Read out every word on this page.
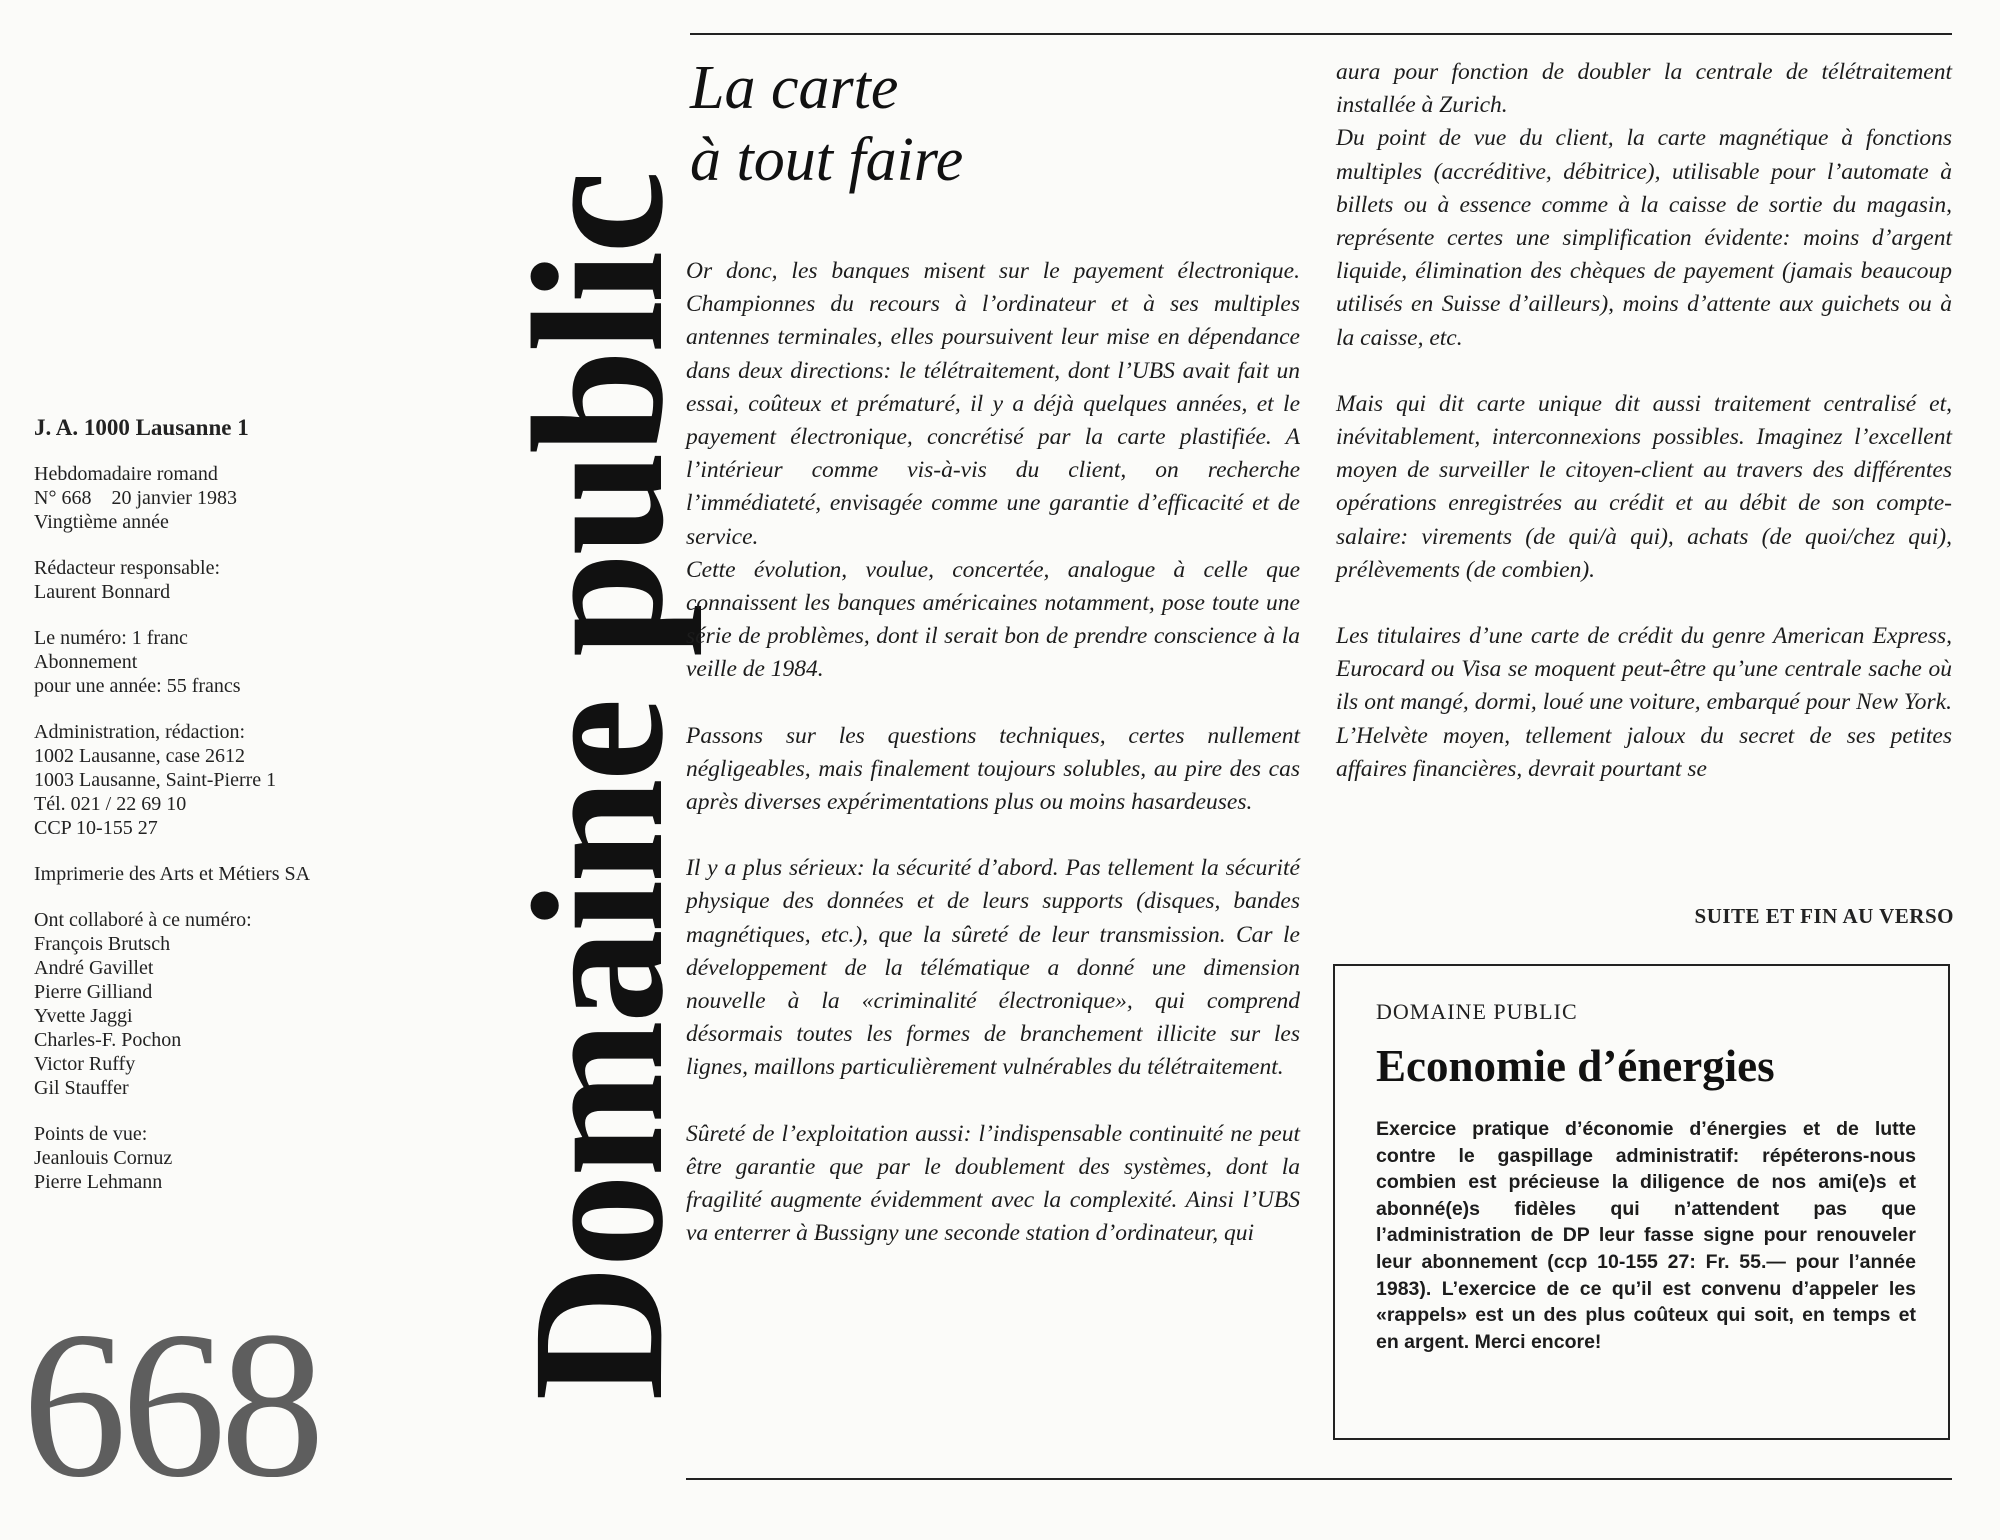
J. A. 1000 Lausanne 1
Hebdomadaire romand
N° 668    20 janvier 1983
Vingtième année
Rédacteur responsable:
Laurent Bonnard
Le numéro: 1 franc
Abonnement
pour une année: 55 francs
Administration, rédaction:
1002 Lausanne, case 2612
1003 Lausanne, Saint-Pierre 1
Tél. 021 / 22 69 10
CCP 10-155 27
Imprimerie des Arts et Métiers SA
Ont collaboré à ce numéro:
François Brutsch
André Gavillet
Pierre Gilliand
Yvette Jaggi
Charles-F. Pochon
Victor Ruffy
Gil Stauffer
Points de vue:
Jeanlouis Cornuz
Pierre Lehmann
668
Domaine public
La carte
à tout faire

Or donc, les banques misent sur le payement électronique. Championnes du recours à l’ordinateur et à ses multiples antennes terminales, elles poursuivent leur mise en dépendance dans deux directions: le télétraitement, dont l’UBS avait fait un essai, coûteux et prématuré, il y a déjà quelques années, et le payement électronique, concrétisé par la carte plastifiée. A l’intérieur comme vis-à-vis du client, on recherche l’immédiateté, envisagée comme une garantie d’efficacité et de service.

Cette évolution, voulue, concertée, analogue à celle que connaissent les banques américaines notamment, pose toute une série de problèmes, dont il serait bon de prendre conscience à la veille de 1984.

Passons sur les questions techniques, certes nullement négligeables, mais finalement toujours solubles, au pire des cas après diverses expérimentations plus ou moins hasardeuses.

Il y a plus sérieux: la sécurité d’abord. Pas tellement la sécurité physique des données et de leurs supports (disques, bandes magnétiques, etc.), que la sûreté de leur transmission. Car le développement de la télématique a donné une dimension nouvelle à la «criminalité électronique», qui comprend désormais toutes les formes de branchement illicite sur les lignes, maillons particulièrement vulnérables du télétraitement.

Sûreté de l’exploitation aussi: l’indispensable continuité ne peut être garantie que par le doublement des systèmes, dont la fragilité augmente évidemment avec la complexité. Ainsi l’UBS va enterrer à Bussigny une seconde station d’ordinateur, qui

aura pour fonction de doubler la centrale de télétraitement installée à Zurich.

Du point de vue du client, la carte magnétique à fonctions multiples (accréditive, débitrice), utilisable pour l’automate à billets ou à essence comme à la caisse de sortie du magasin, représente certes une simplification évidente: moins d’argent liquide, élimination des chèques de payement (jamais beaucoup utilisés en Suisse d’ailleurs), moins d’attente aux guichets ou à la caisse, etc.

Mais qui dit carte unique dit aussi traitement centralisé et, inévitablement, interconnexions possibles. Imaginez l’excellent moyen de surveiller le citoyen-client au travers des différentes opérations enregistrées au crédit et au débit de son compte-salaire: virements (de qui/à qui), achats (de quoi/chez qui), prélèvements (de combien).

Les titulaires d’une carte de crédit du genre American Express, Eurocard ou Visa se moquent peut-être qu’une centrale sache où ils ont mangé, dormi, loué une voiture, embarqué pour New York. L’Helvète moyen, tellement jaloux du secret de ses petites affaires financières, devrait pourtant se

SUITE ET FIN AU VERSO
DOMAINE PUBLIC
Economie d’énergies
Exercice pratique d’économie d’énergies et de lutte contre le gaspillage administratif: répéterons-nous combien est précieuse la diligence de nos ami(e)s et abonné(e)s fidèles qui n’attendent pas que l’administration de DP leur fasse signe pour renouveler leur abonnement (ccp 10-155 27: Fr. 55.— pour l’année 1983). L’exercice de ce qu’il est convenu d’appeler les «rappels» est un des plus coûteux qui soit, en temps et en argent. Merci encore!
